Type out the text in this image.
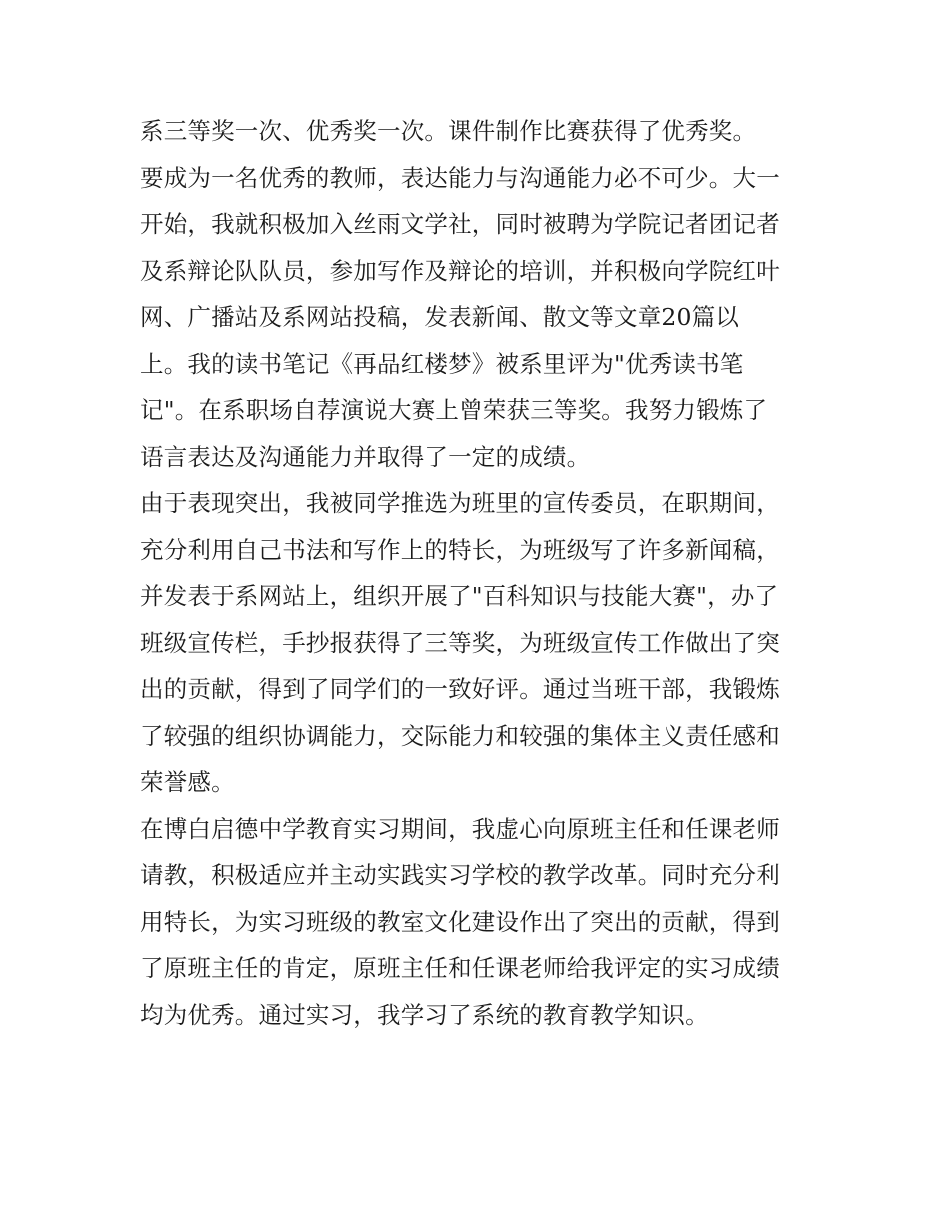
系三等奖一次、优秀奖一次。课件制作比赛获得了优秀奖。
要成为一名优秀的教师，表达能力与沟通能力必不可少。大一
开始，我就积极加入丝雨文学社，同时被聘为学院记者团记者
及系辩论队队员，参加写作及辩论的培训，并积极向学院红叶
网、广播站及系网站投稿，发表新闻、散文等文章20篇以
上。我的读书笔记《再品红楼梦》被系里评为"优秀读书笔
记"。在系职场自荐演说大赛上曾荣获三等奖。我努力锻炼了
语言表达及沟通能力并取得了一定的成绩。
由于表现突出，我被同学推选为班里的宣传委员，在职期间，
充分利用自己书法和写作上的特长，为班级写了许多新闻稿，
并发表于系网站上，组织开展了"百科知识与技能大赛"，办了
班级宣传栏，手抄报获得了三等奖，为班级宣传工作做出了突
出的贡献，得到了同学们的一致好评。通过当班干部，我锻炼
了较强的组织协调能力，交际能力和较强的集体主义责任感和
荣誉感。
在博白启德中学教育实习期间，我虚心向原班主任和任课老师
请教，积极适应并主动实践实习学校的教学改革。同时充分利
用特长，为实习班级的教室文化建设作出了突出的贡献，得到
了原班主任的肯定，原班主任和任课老师给我评定的实习成绩
均为优秀。通过实习，我学习了系统的教育教学知识。
